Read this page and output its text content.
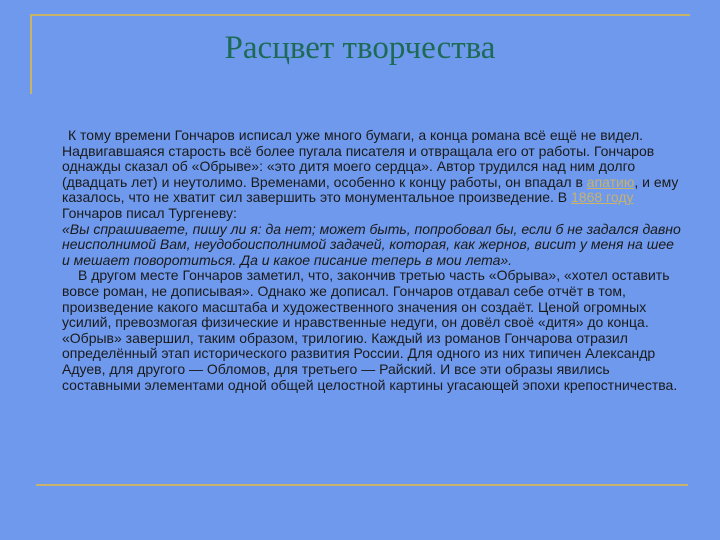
Расцвет творчества

К тому времени Гончаров исписал уже много бумаги, а конца романа всё ещё не видел. Надвигавшаяся старость всё более пугала писателя и отвращала его от работы. Гончаров однажды сказал об «Обрыве»: «это дитя моего сердца». Автор трудился над ним долго (двадцать лет) и неутолимо. Временами, особенно к концу работы, он впадал в апатию, и ему казалось, что не хватит сил завершить это монументальное произведение. В 1868 году Гончаров писал Тургеневу:

«Вы спрашиваете, пишу ли я: да нет; может быть, попробовал бы, если б не задался давно неисполнимой Вам, неудобоисполнимой задачей, которая, как жернов, висит у меня на шее и мешает поворотиться. Да и какое писание теперь в мои лета».

В другом месте Гончаров заметил, что, закончив третью часть «Обрыва», «хотел оставить вовсе роман, не дописывая». Однако же дописал. Гончаров отдавал себе отчёт в том, произведение какого масштаба и художественного значения он создаёт. Ценой огромных усилий, превозмогая физические и нравственные недуги, он довёл своё «дитя» до конца. «Обрыв» завершил, таким образом, трилогию. Каждый из романов Гончарова отразил определённый этап исторического развития России. Для одного из них типичен Александр Адуев, для другого — Обломов, для третьего — Райский. И все эти образы явились составными элементами одной общей целостной картины угасающей эпохи крепостничества.
